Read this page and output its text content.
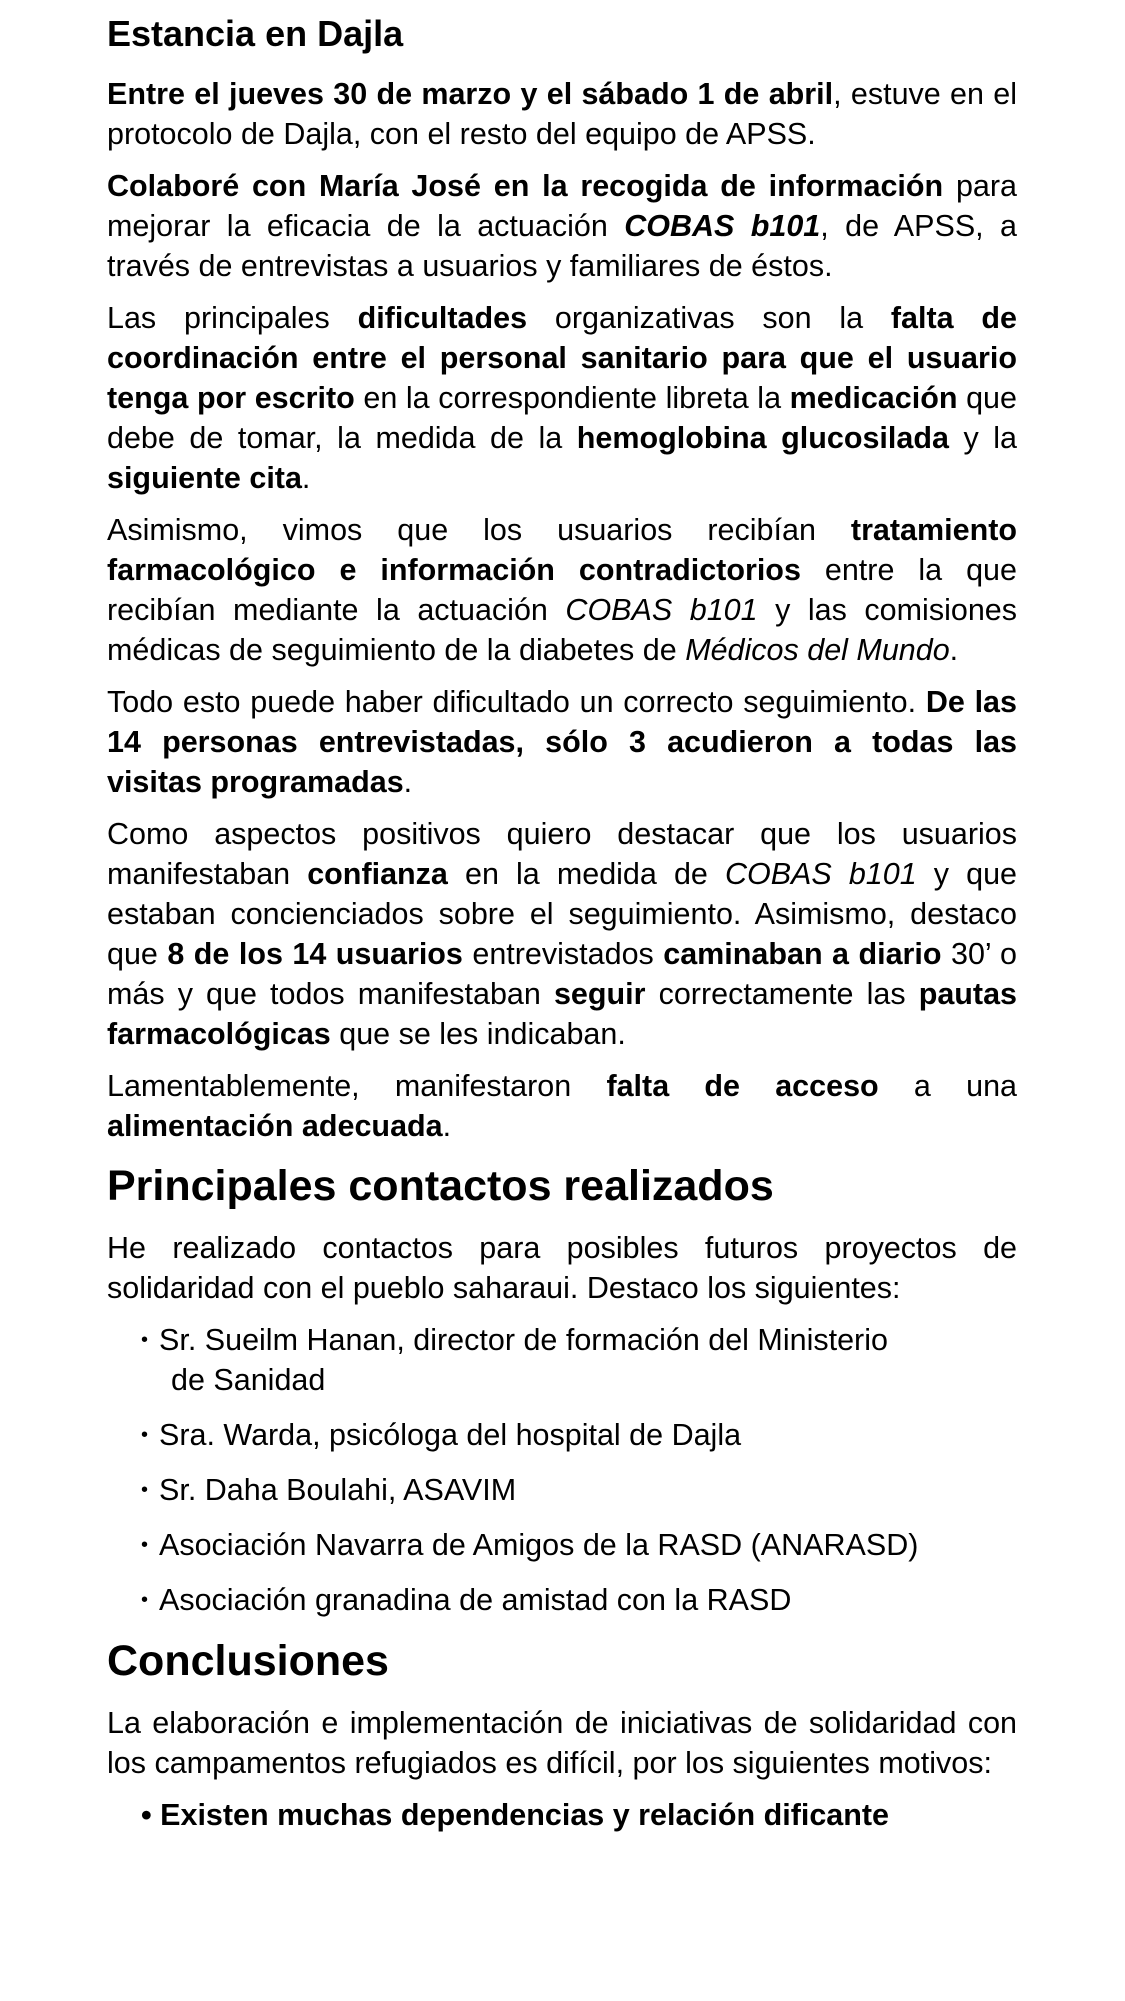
Estancia en Dajla

Entre el jueves 30 de marzo y el sábado 1 de abril, estuve en el protocolo de Dajla, con el resto del equipo de APSS.

Colaboré con María José en la recogida de información para mejorar la eficacia de la actuación COBAS b101, de APSS, a través de entrevistas a usuarios y familiares de éstos.

Las principales dificultades organizativas son la falta de coordinación entre el personal sanitario para que el usuario tenga por escrito en la correspondiente libreta la medicación que debe de tomar, la medida de la hemoglobina glucosilada y la siguiente cita.

Asimismo, vimos que los usuarios recibían tratamiento farmacológico e información contradictorios entre la que recibían mediante la actuación COBAS b101 y las comisiones médicas de seguimiento de la diabetes de Médicos del Mundo.

Todo esto puede haber dificultado un correcto seguimiento. De las 14 personas entrevistadas, sólo 3 acudieron a todas las visitas programadas.

Como aspectos positivos quiero destacar que los usuarios manifestaban confianza en la medida de COBAS b101 y que estaban concienciados sobre el seguimiento. Asimismo, destaco que 8 de los 14 usuarios entrevistados caminaban a diario 30’ o más y que todos manifestaban seguir correctamente las pautas farmacológicas que se les indicaban.

Lamentablemente, manifestaron falta de acceso a una alimentación adecuada.

Principales contactos realizados

He realizado contactos para posibles futuros proyectos de solidaridad con el pueblo saharaui. Destaco los siguientes:

• Sr. Sueilm Hanan, director de formación del Ministerio
de Sanidad
• Sra. Warda, psicóloga del hospital de Dajla
• Sr. Daha Boulahi, ASAVIM
• Asociación Navarra de Amigos de la RASD (ANARASD)
• Asociación granadina de amistad con la RASD
Conclusiones

La elaboración e implementación de iniciativas de solidaridad con los campamentos refugiados es difícil, por los siguientes motivos:

• Existen muchas dependencias y relación dificante
